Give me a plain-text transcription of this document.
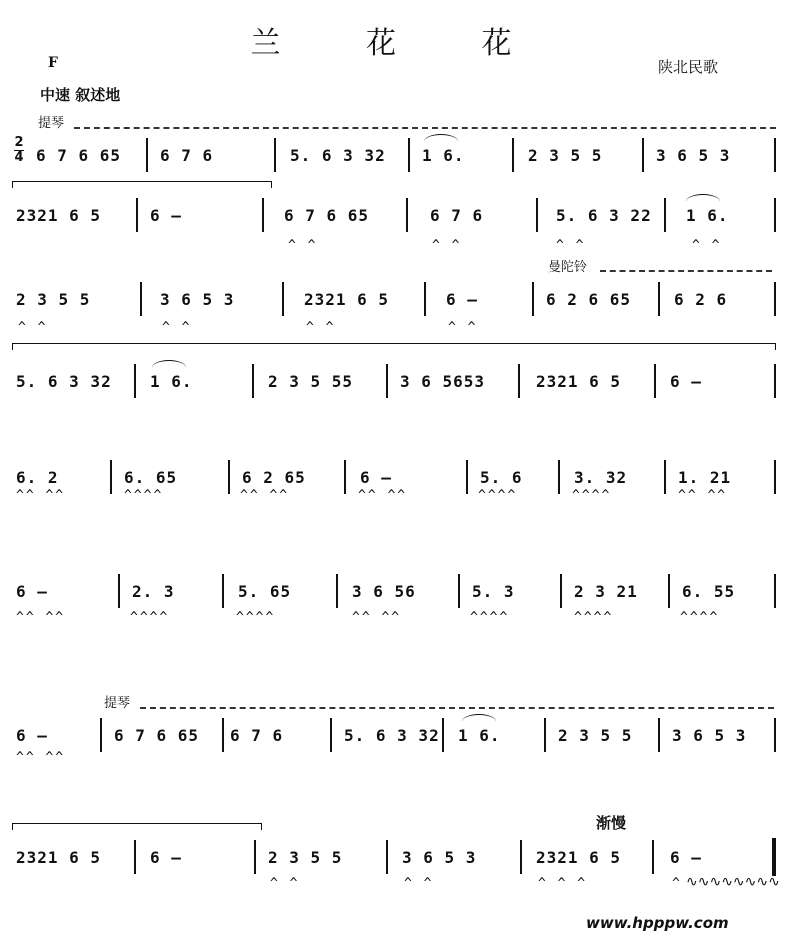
兰 花 花
F	陕北民歌
中速 叙述地
提琴
2
4 6 7 6 65 6 7 6	5. 6 3 32 1 6.	2 3 5 5	3 6 5 3
2321 6 5	6 –	6 7 6 65	6 7 6	5. 6 3 22 1 6.
^ ^	^ ^	^ ^	^ ^
曼陀铃
2 3 5 5	3 6 5 3	2321 6 5	6 –	6 2 6 65	6 2 6
^ ^	^ ^	^ ^	^ ^
5. 6 3 32 1 6.	2 3 5 55	3 6 5653	2321 6 5	6 –
6. 2	6. 65	6 2 65	6 –	5. 6	3. 32	1. 21
^^ ^^	^^^^	^^ ^^	^^ ^^	^^^^	^^^^	^^ ^^
6 –	2. 3	5. 65	3 6 56	5. 3	2 3 21	6. 55
^^ ^^	^^^^	^^^^	^^ ^^	^^^^	^^^^	^^^^
提琴
6 –	6 7 6 65 6 7 6	5. 6 3 32 1 6.	2 3 5 5 3 6 5 3
^^ ^^
渐慢
2321 6 5	6 –	2 3 5 5	3 6 5 3	2321 6 5	6 –
^ ^	^ ^	^ ^ ^	^ ∿∿∿∿∿∿∿∿
www.hpppw.com
